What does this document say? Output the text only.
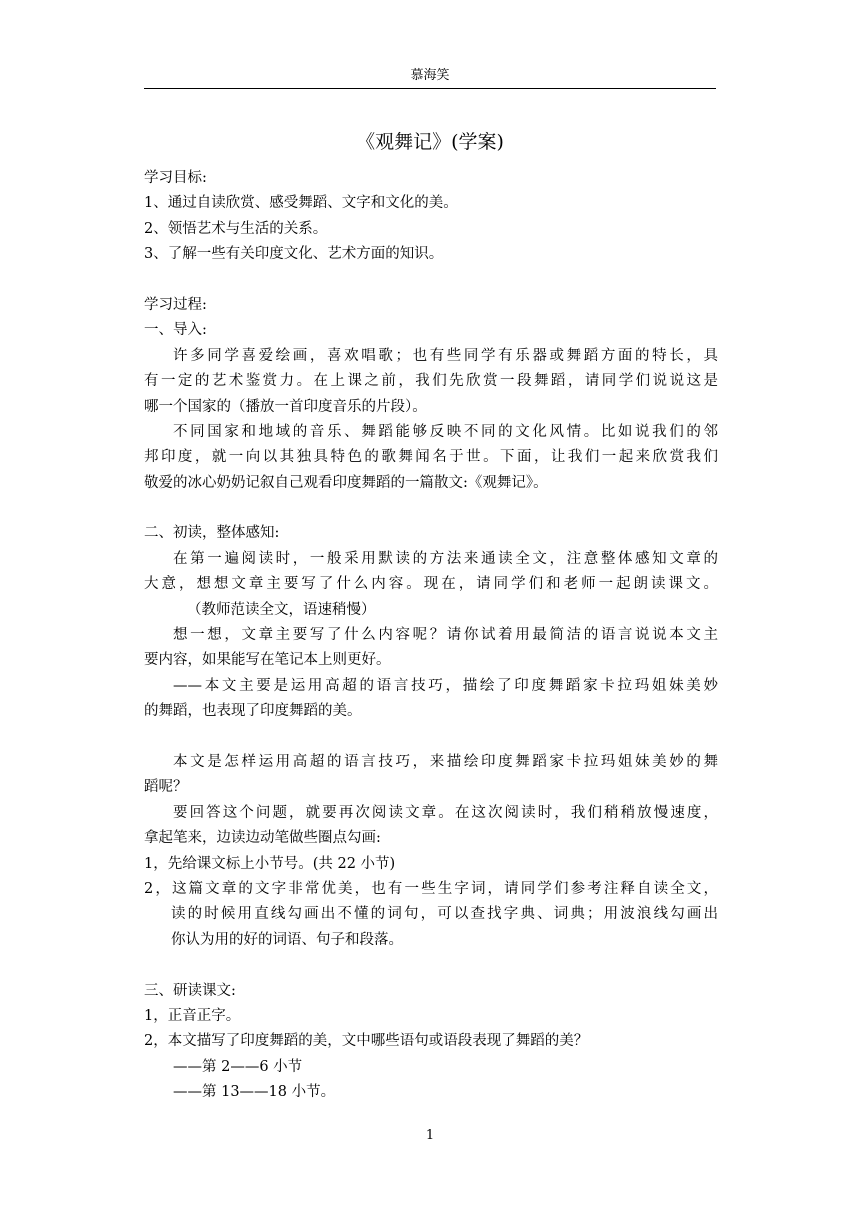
慕海笑
《观舞记》(学案)
学习目标:
1、通过自读欣赏、感受舞蹈、文字和文化的美。
2、领悟艺术与生活的关系。
3、了解一些有关印度文化、艺术方面的知识。
学习过程:
一、导入:
许多同学喜爱绘画，喜欢唱歌；也有些同学有乐器或舞蹈方面的特长，具
有一定的艺术鉴赏力。在上课之前，我们先欣赏一段舞蹈，请同学们说说这是
哪一个国家的（播放一首印度音乐的片段）。
不同国家和地域的音乐、舞蹈能够反映不同的文化风情。比如说我们的邻
邦印度，就一向以其独具特色的歌舞闻名于世。下面，让我们一起来欣赏我们
敬爱的冰心奶奶记叙自己观看印度舞蹈的一篇散文:《观舞记》。
二、初读，整体感知:
在第一遍阅读时，一般采用默读的方法来通读全文，注意整体感知文章的
大意，想想文章主要写了什么内容。现在，请同学们和老师一起朗读课文。
（教师范读全文，语速稍慢）
想一想，文章主要写了什么内容呢？请你试着用最简洁的语言说说本文主
要内容，如果能写在笔记本上则更好。
——本文主要是运用高超的语言技巧，描绘了印度舞蹈家卡拉玛姐妹美妙
的舞蹈，也表现了印度舞蹈的美。
本文是怎样运用高超的语言技巧，来描绘印度舞蹈家卡拉玛姐妹美妙的舞
蹈呢？
要回答这个问题，就要再次阅读文章。在这次阅读时，我们稍稍放慢速度，
拿起笔来，边读边动笔做些圈点勾画:
1，先给课文标上小节号。(共 22 小节)
2，这篇文章的文字非常优美，也有一些生字词，请同学们参考注释自读全文，
读的时候用直线勾画出不懂的词句，可以查找字典、词典；用波浪线勾画出
你认为用的好的词语、句子和段落。
三、研读课文:
1，正音正字。
2，本文描写了印度舞蹈的美，文中哪些语句或语段表现了舞蹈的美？
——第 2——6 小节
——第 13——18 小节。
1
